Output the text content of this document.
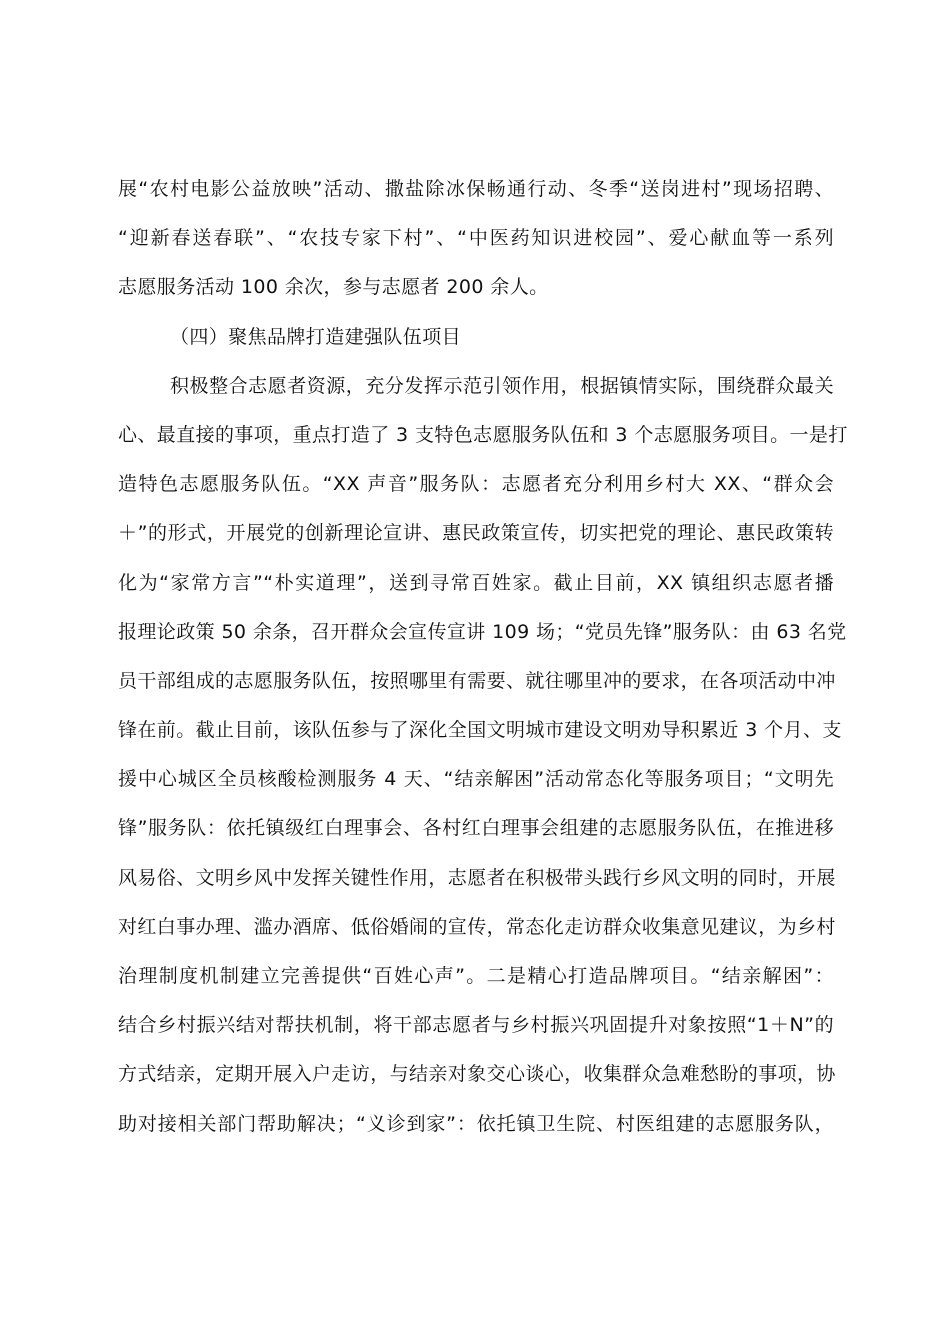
展“农村电影公益放映”活动、撒盐除冰保畅通行动、冬季“送岗进村”现场招聘、
“迎新春送春联”、“农技专家下村”、“中医药知识进校园”、爱心献血等一系列
志愿服务活动 100 余次，参与志愿者 200 余人。
（四）聚焦品牌打造建强队伍项目
积极整合志愿者资源，充分发挥示范引领作用，根据镇情实际，围绕群众最关
心、最直接的事项，重点打造了 3 支特色志愿服务队伍和 3 个志愿服务项目。一是打
造特色志愿服务队伍。“XX 声音”服务队：志愿者充分利用乡村大 XX、“群众会
＋”的形式，开展党的创新理论宣讲、惠民政策宣传，切实把党的理论、惠民政策转
化为“家常方言”“朴实道理”，送到寻常百姓家。截止目前，XX 镇组织志愿者播
报理论政策 50 余条，召开群众会宣传宣讲 109 场；“党员先锋”服务队：由 63 名党
员干部组成的志愿服务队伍，按照哪里有需要、就往哪里冲的要求，在各项活动中冲
锋在前。截止目前，该队伍参与了深化全国文明城市建设文明劝导积累近 3 个月、支
援中心城区全员核酸检测服务 4 天、“结亲解困”活动常态化等服务项目；“文明先
锋”服务队：依托镇级红白理事会、各村红白理事会组建的志愿服务队伍，在推进移
风易俗、文明乡风中发挥关键性作用，志愿者在积极带头践行乡风文明的同时，开展
对红白事办理、滥办酒席、低俗婚闹的宣传，常态化走访群众收集意见建议，为乡村
治理制度机制建立完善提供“百姓心声”。二是精心打造品牌项目。“结亲解困”：
结合乡村振兴结对帮扶机制，将干部志愿者与乡村振兴巩固提升对象按照“1＋N”的
方式结亲，定期开展入户走访，与结亲对象交心谈心，收集群众急难愁盼的事项，协
助对接相关部门帮助解决；“义诊到家”：依托镇卫生院、村医组建的志愿服务队，
